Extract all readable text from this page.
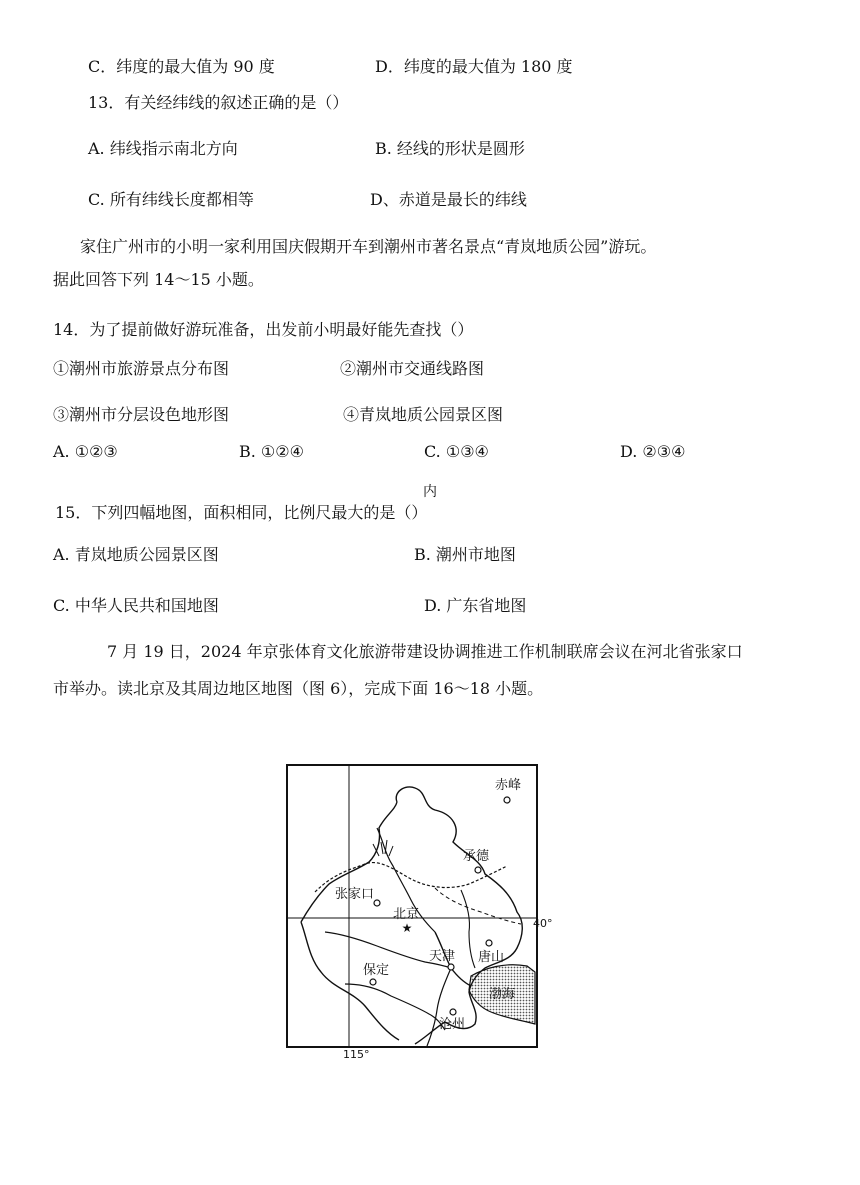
C．纬度的最大值为 90 度	D．纬度的最大值为 180 度
13．有关经纬线的叙述正确的是（）
A. 纬线指示南北方向	B. 经线的形状是圆形
C. 所有纬线长度都相等	D、赤道是最长的纬线
家住广州市的小明一家利用国庆假期开车到潮州市著名景点“青岚地质公园”游玩。
据此回答下列 14～15 小题。
14．为了提前做好游玩准备，出发前小明最好能先查找（）
①潮州市旅游景点分布图	②潮州市交通线路图
③潮州市分层设色地形图	④青岚地质公园景区图
A. ①②③	B. ①②④	C. ①③④	D. ②③④
内
15．下列四幅地图，面积相同，比例尺最大的是（）
A. 青岚地质公园景区图	B. 潮州市地图
C. 中华人民共和国地图	D. 广东省地图
7 月 19 日，2024 年京张体育文化旅游带建设协调推进工作机制联席会议在河北省张家口
市举办。读北京及其周边地区地图（图 6），完成下面 16～18 小题。
★
赤峰
承德
张家口
北京
天津 唐山
保定
沧州
渤海
40°
115°
